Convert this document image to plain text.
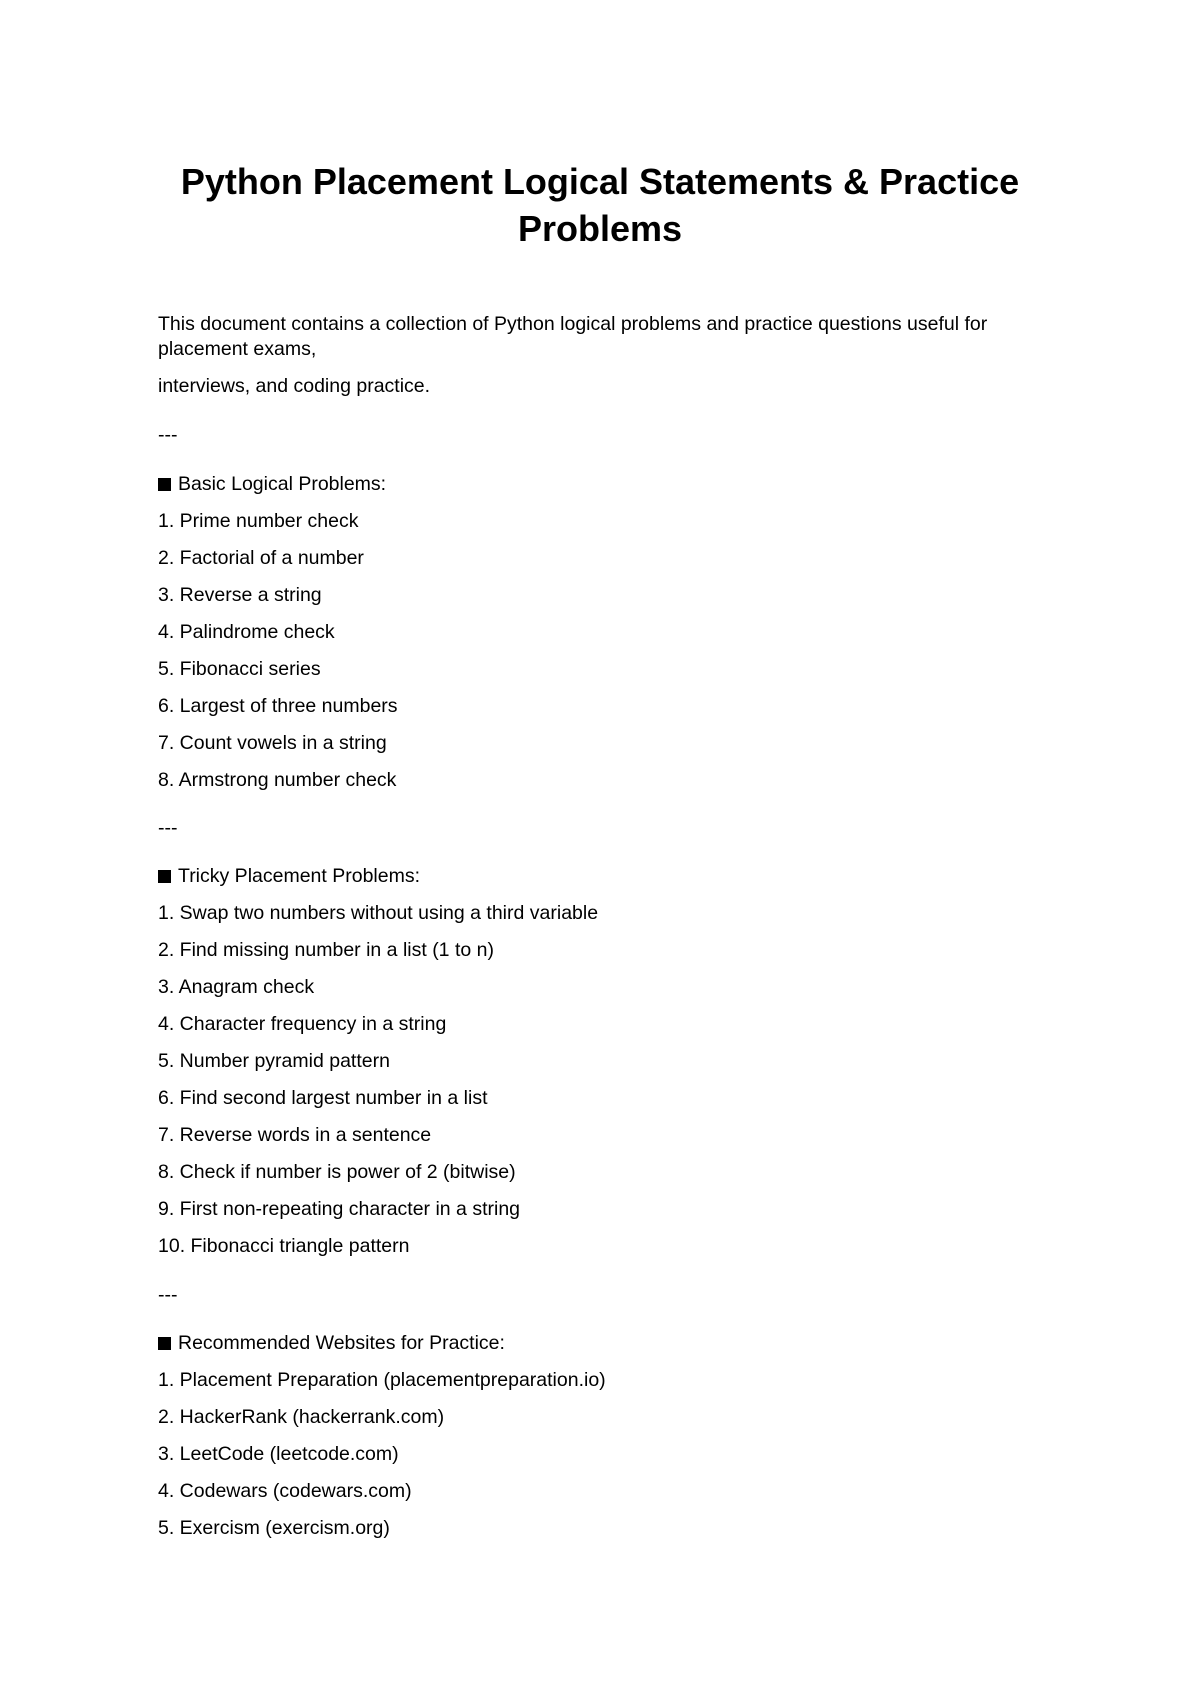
Python Placement Logical Statements & Practice
Problems
This document contains a collection of Python logical problems and practice questions useful for placement exams,
interviews, and coding practice.
---
Basic Logical Problems:
1. Prime number check
2. Factorial of a number
3. Reverse a string
4. Palindrome check
5. Fibonacci series
6. Largest of three numbers
7. Count vowels in a string
8. Armstrong number check
---
Tricky Placement Problems:
1. Swap two numbers without using a third variable
2. Find missing number in a list (1 to n)
3. Anagram check
4. Character frequency in a string
5. Number pyramid pattern
6. Find second largest number in a list
7. Reverse words in a sentence
8. Check if number is power of 2 (bitwise)
9. First non-repeating character in a string
10. Fibonacci triangle pattern
---
Recommended Websites for Practice:
1. Placement Preparation (placementpreparation.io)
2. HackerRank (hackerrank.com)
3. LeetCode (leetcode.com)
4. Codewars (codewars.com)
5. Exercism (exercism.org)
